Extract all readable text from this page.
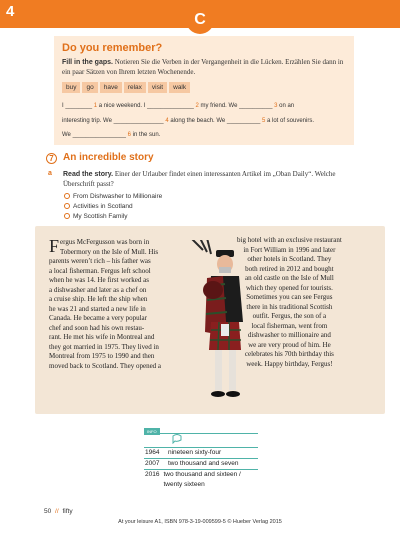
4	C
Do you remember?
Fill in the gaps. Notieren Sie die Verben in der Vergangenheit in die Lücken. Erzählen Sie dann in ein paar Sätzen von Ihrem letzten Wochenende.
buy	go	have	relax	visit	walk
I ________ 1 a nice weekend. I ______________ 2 my friend. We __________ 3 on an
interesting trip. We _______________ 4 along the beach. We __________ 5 a lot of souvenirs.
We ________________ 6 in the sun.
7 An incredible story
a Read the story. Einer der Urlauber findet einen interessanten Artikel im „Oban Daily“. Welche Überschrift passt?
From Dishwasher to Millionaire
Activities in Scotland
My Scottish Family
F ergus McFergusson was born in
Tobermory on the Isle of Mull. His
parents weren’t rich – his father was
a local fisherman. Fergus left school
when he was 14. He first worked as
a dishwasher and later as a chef on
a cruise ship. He left the ship when
he was 21 and started a new life in
Canada. He became a very popular
chef and soon had his own restau-
rant. He met his wife in Montreal and
they got married in 1975. They lived in
Montreal from 1975 to 1990 and then
moved back to Scotland. They opened a
big hotel with an exclusive restaurant
in Fort William in 1996 and later
other hotels in Scotland. They
both retired in 2012 and bought
an old castle on the Isle of Mull
which they opened for tourists.
Sometimes you can see Fergus
there in his traditional Scottish
outfit. Fergus, the son of a
local fisherman, went from
dishwasher to millionaire and
we are very proud of him. He
celebrates his 70th birthday this
week. Happy birthday, Fergus!
INFO
1964	nineteen sixty-four
2007	two thousand and seven
2016 two thousand and sixteen / twenty sixteen
50 // fifty
At your leisure A1, ISBN 978-3-19-009599-5 © Hueber Verlag 2015
